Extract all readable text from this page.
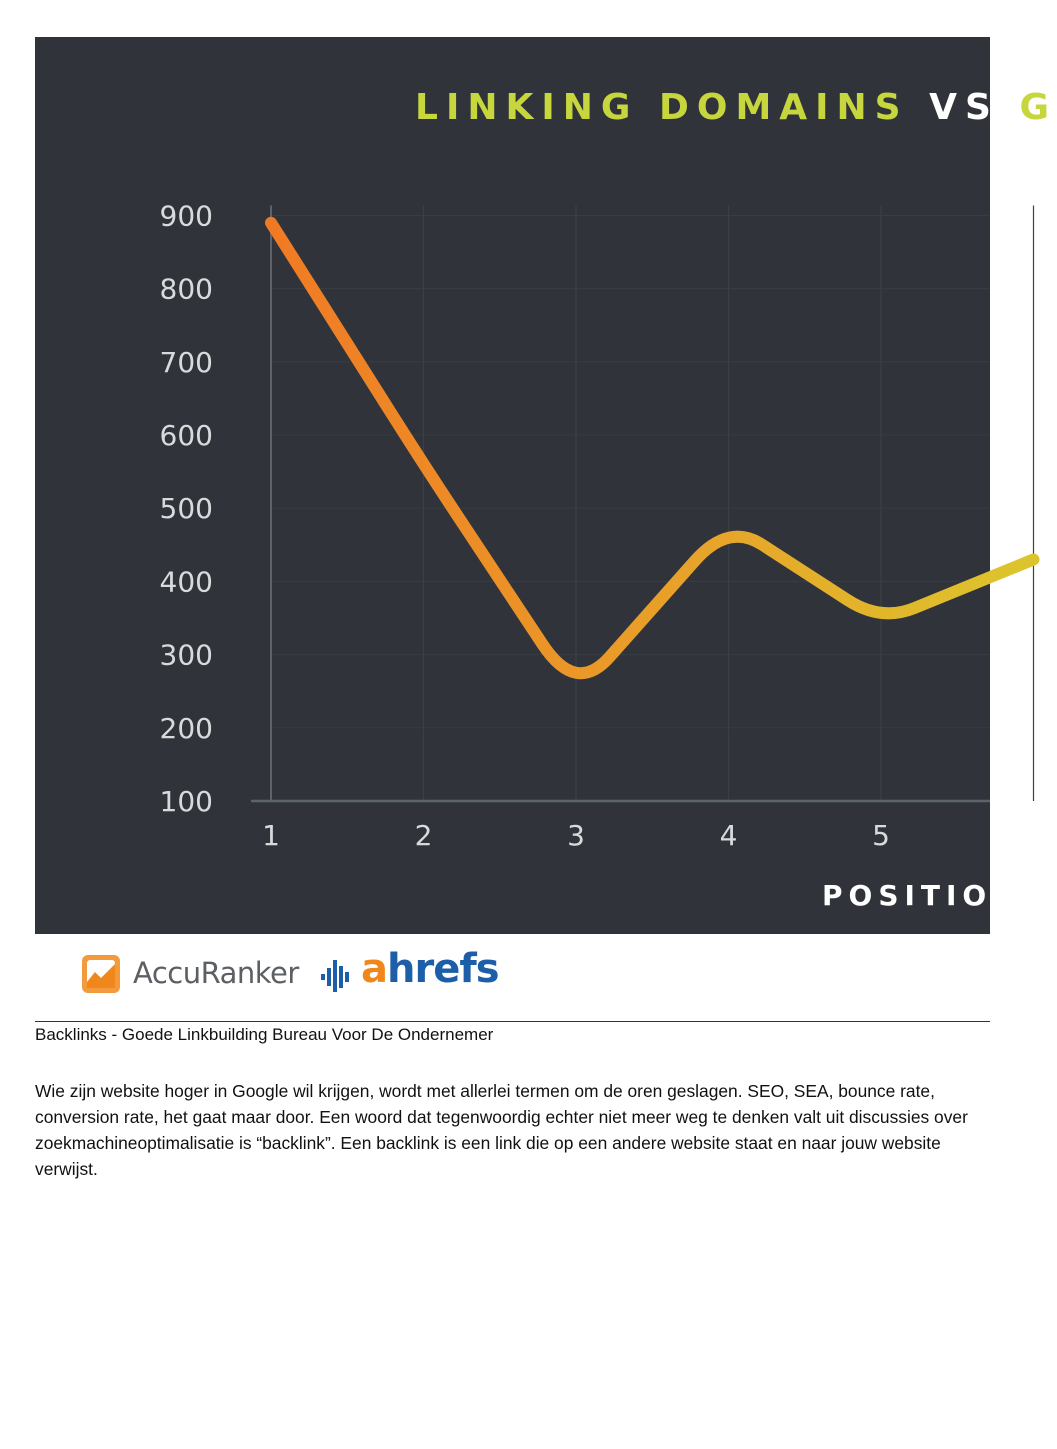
LINKING DOMAINS VS G
900
800
700
600
500
400
300
200
100
1	2	3	4	5
POSITION
AccuRanker ahrefs
Backlinks - Goede Linkbuilding Bureau Voor De Ondernemer

Wie zijn website hoger in Google wil krijgen, wordt met allerlei termen om de oren geslagen. SEO, SEA, bounce rate, conversion rate, het gaat maar door. Een woord dat tegenwoordig echter niet meer weg te denken valt uit discussies over zoekmachineoptimalisatie is “backlink”. Een backlink is een link die op een andere website staat en naar jouw website verwijst.
